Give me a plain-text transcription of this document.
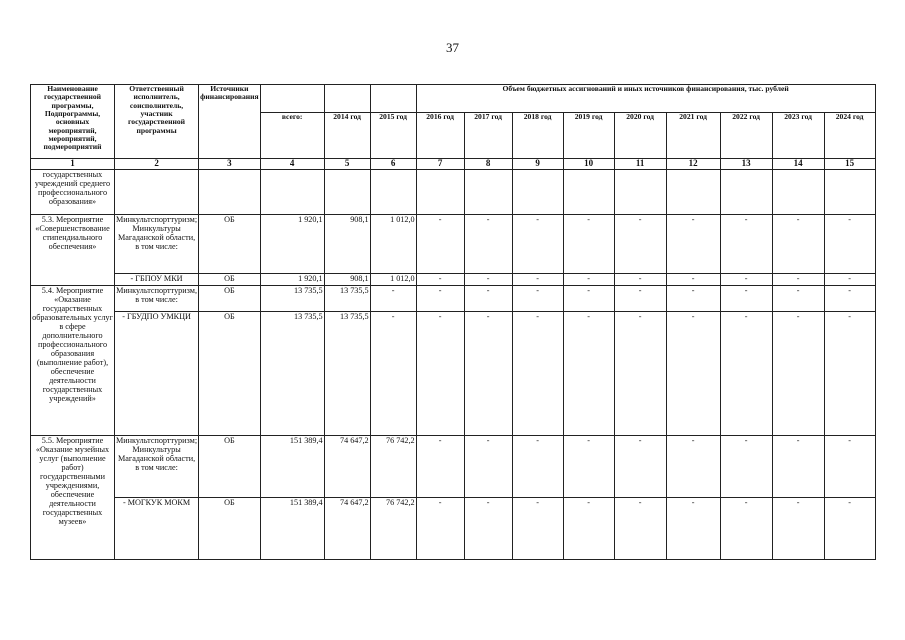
37
Наименование государственной программы, Подпрограммы, основных мероприятий, мероприятий, подмероприятий	Ответственный исполнитель, соисполнитель, участник государственной программы	Источники финансирования				Объем бюджетных ассигнований и иных источников финансирования, тыс. рублей								
			всего:	2014 год	2015 год	2016 год	2017 год	2018 год	2019 год	2020 год	2021 год	2022 год	2023 год	2024 год
1	2	3	4	5	6	7	8	9	10	11	12	13	14	15
государственных учреждений среднего профессионального образования»														
5.3. Мероприятие «Совершенствование стипендиального обеспечения»	Минкультспорттуризм; Минкультуры Магаданской области, в том числе:	ОБ	1 920,1	908,1	1 012,0	-	-	-	-	-	-	-	-	-
	- ГБПОУ МКИ	ОБ	1 920,1	908,1	1 012,0	-	-	-	-	-	-	-	-	-
5.4. Мероприятие «Оказание государственных образовательных услуг в сфере дополнительного профессионального образования (выполнение работ), обеспечение деятельности государственных учреждений»	Минкультспорттуризм, в том числе:	ОБ	13 735,5	13 735,5	-	-	-	-	-	-	-	-	-	-
	- ГБУДПО УМКЦИ	ОБ	13 735,5	13 735,5	-	-	-	-	-	-	-	-	-	-
5.5. Мероприятие «Оказание музейных услуг (выполнение работ) государственными учреждениями, обеспечение деятельности государственных музеев»	Минкультспорттуризм; Минкультуры Магаданской области, в том числе:	ОБ	151 389,4	74 647,2	76 742,2	-	-	-	-	-	-	-	-	-
	- МОГКУК МОКМ	ОБ	151 389,4	74 647,2	76 742,2	-	-	-	-	-	-	-	-	-
